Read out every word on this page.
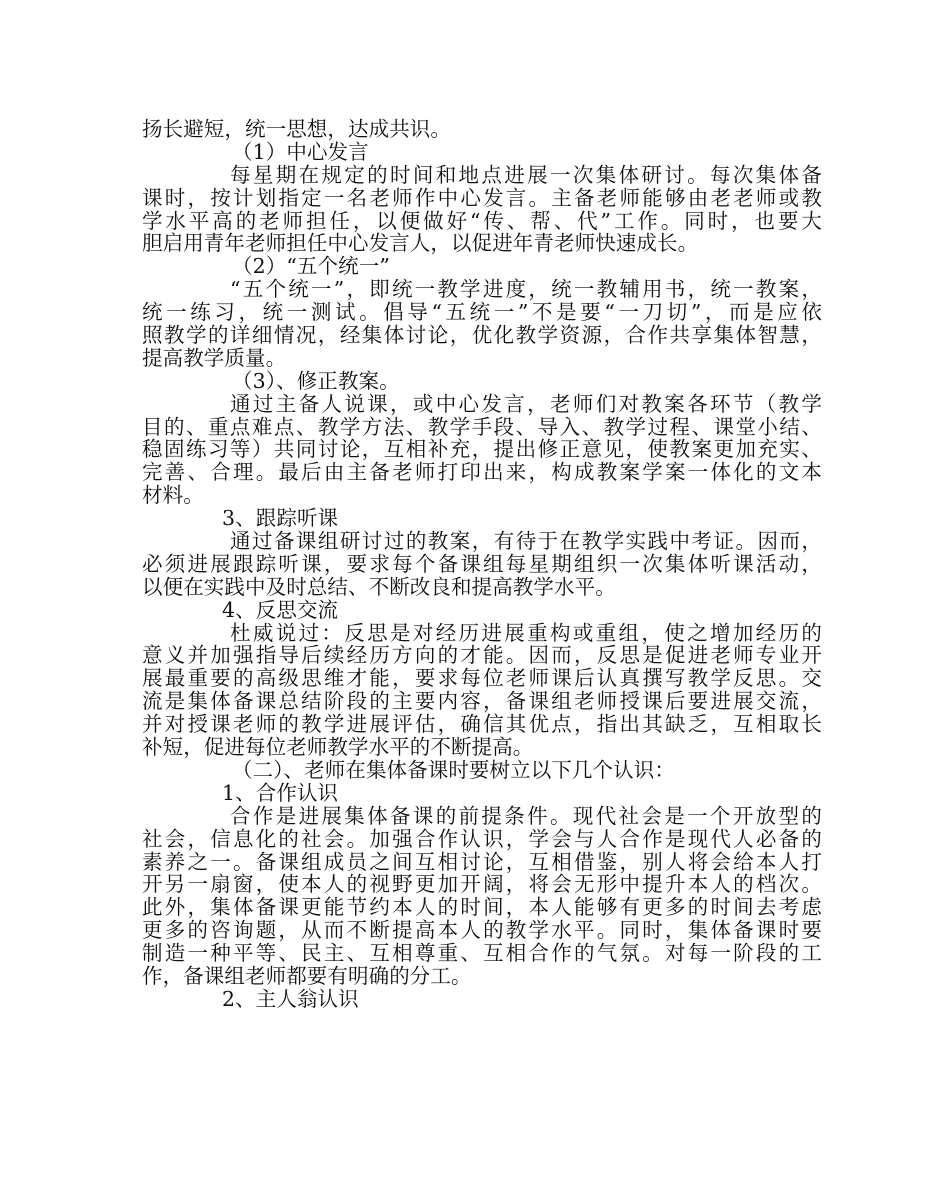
扬长避短，统一思想，达成共识。
（1）中心发言
每星期在规定的时间和地点进展一次集体研讨。每次集体备
课时，按计划指定一名老师作中心发言。主备老师能够由老老师或教
学水平高的老师担任，以便做好“传、帮、代”工作。同时，也要大
胆启用青年老师担任中心发言人，以促进年青老师快速成长。
（2）“五个统一”
“五个统一”，即统一教学进度，统一教辅用书，统一教案，
统一练习，统一测试。倡导“五统一”不是要“一刀切”，而是应依
照教学的详细情况，经集体讨论，优化教学资源，合作共享集体智慧，
提高教学质量。
（3）、修正教案。
通过主备人说课，或中心发言，老师们对教案各环节（教学
目的、重点难点、教学方法、教学手段、导入、教学过程、课堂小结、
稳固练习等）共同讨论，互相补充，提出修正意见，使教案更加充实、
完善、合理。最后由主备老师打印出来，构成教案学案一体化的文本
材料。
3、跟踪听课
通过备课组研讨过的教案，有待于在教学实践中考证。因而，
必须进展跟踪听课，要求每个备课组每星期组织一次集体听课活动，
以便在实践中及时总结、不断改良和提高教学水平。
4、反思交流
杜威说过：反思是对经历进展重构或重组，使之增加经历的
意义并加强指导后续经历方向的才能。因而，反思是促进老师专业开
展最重要的高级思维才能，要求每位老师课后认真撰写教学反思。交
流是集体备课总结阶段的主要内容，备课组老师授课后要进展交流，
并对授课老师的教学进展评估，确信其优点，指出其缺乏，互相取长
补短，促进每位老师教学水平的不断提高。
（二）、老师在集体备课时要树立以下几个认识：
1、合作认识
合作是进展集体备课的前提条件。现代社会是一个开放型的
社会，信息化的社会。加强合作认识，学会与人合作是现代人必备的
素养之一。备课组成员之间互相讨论，互相借鉴，别人将会给本人打
开另一扇窗，使本人的视野更加开阔，将会无形中提升本人的档次。
此外，集体备课更能节约本人的时间，本人能够有更多的时间去考虑
更多的咨询题，从而不断提高本人的教学水平。同时，集体备课时要
制造一种平等、民主、互相尊重、互相合作的气氛。对每一阶段的工
作，备课组老师都要有明确的分工。
2、主人翁认识
